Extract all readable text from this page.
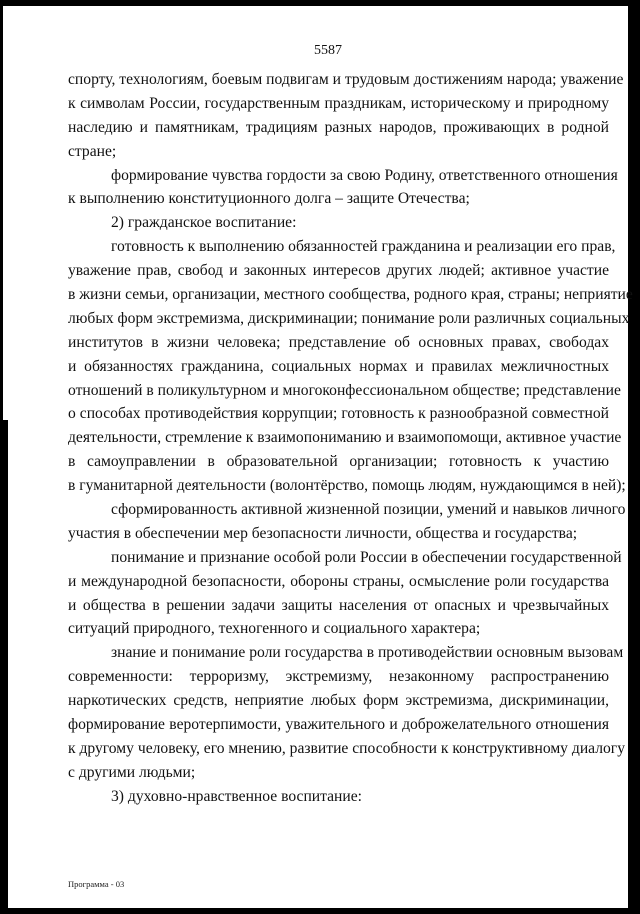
5587
спорту, технологиям, боевым подвигам и трудовым достижениям народа; уважение
к символам России, государственным праздникам, историческому и природному
наследию и памятникам, традициям разных народов, проживающих в родной
стране;
формирование чувства гордости за свою Родину, ответственного отношения
к выполнению конституционного долга – защите Отечества;
2) гражданское воспитание:
готовность к выполнению обязанностей гражданина и реализации его прав,
уважение прав, свобод и законных интересов других людей; активное участие
в жизни семьи, организации, местного сообщества, родного края, страны; неприятие
любых форм экстремизма, дискриминации; понимание роли различных социальных
институтов в жизни человека; представление об основных правах, свободах
и обязанностях гражданина, социальных нормах и правилах межличностных
отношений в поликультурном и многоконфессиональном обществе; представление
о способах противодействия коррупции; готовность к разнообразной совместной
деятельности, стремление к взаимопониманию и взаимопомощи, активное участие
в самоуправлении в образовательной организации; готовность к участию
в гуманитарной деятельности (волонтёрство, помощь людям, нуждающимся в ней);
сформированность активной жизненной позиции, умений и навыков личного
участия в обеспечении мер безопасности личности, общества и государства;
понимание и признание особой роли России в обеспечении государственной
и международной безопасности, обороны страны, осмысление роли государства
и общества в решении задачи защиты населения от опасных и чрезвычайных
ситуаций природного, техногенного и социального характера;
знание и понимание роли государства в противодействии основным вызовам
современности: терроризму, экстремизму, незаконному распространению
наркотических средств, неприятие любых форм экстремизма, дискриминации,
формирование веротерпимости, уважительного и доброжелательного отношения
к другому человеку, его мнению, развитие способности к конструктивному диалогу
с другими людьми;
3) духовно-нравственное воспитание:
Программа - 03
